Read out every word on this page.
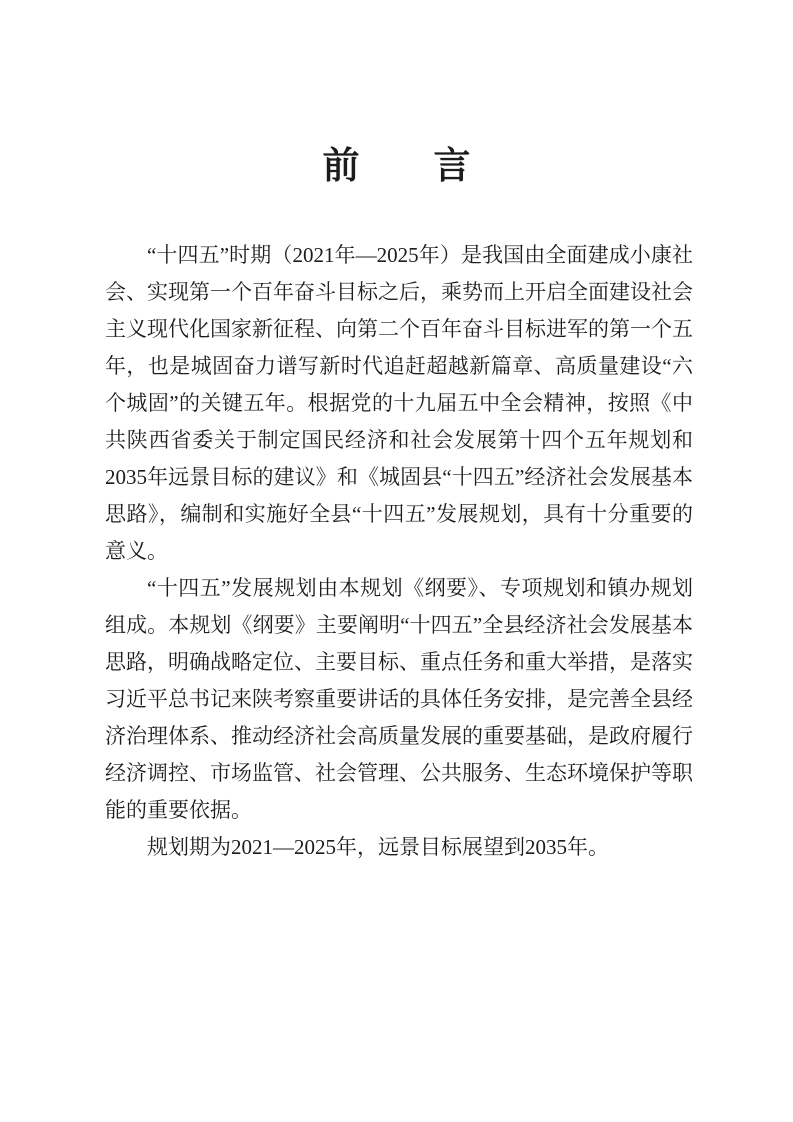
前　　言

“十四五”时期（2021年—2025年）是我国由全面建成小康社
会、实现第一个百年奋斗目标之后，乘势而上开启全面建设社会
主义现代化国家新征程、向第二个百年奋斗目标进军的第一个五
年，也是城固奋力谱写新时代追赶超越新篇章、高质量建设“六
个城固”的关键五年。根据党的十九届五中全会精神，按照《中
共陕西省委关于制定国民经济和社会发展第十四个五年规划和
2035年远景目标的建议》和《城固县“十四五”经济社会发展基本
思路》，编制和实施好全县“十四五”发展规划，具有十分重要的
意义。

“十四五”发展规划由本规划《纲要》、专项规划和镇办规划
组成。本规划《纲要》主要阐明“十四五”全县经济社会发展基本
思路，明确战略定位、主要目标、重点任务和重大举措，是落实
习近平总书记来陕考察重要讲话的具体任务安排，是完善全县经
济治理体系、推动经济社会高质量发展的重要基础，是政府履行
经济调控、市场监管、社会管理、公共服务、生态环境保护等职
能的重要依据。

规划期为2021—2025年，远景目标展望到2035年。
